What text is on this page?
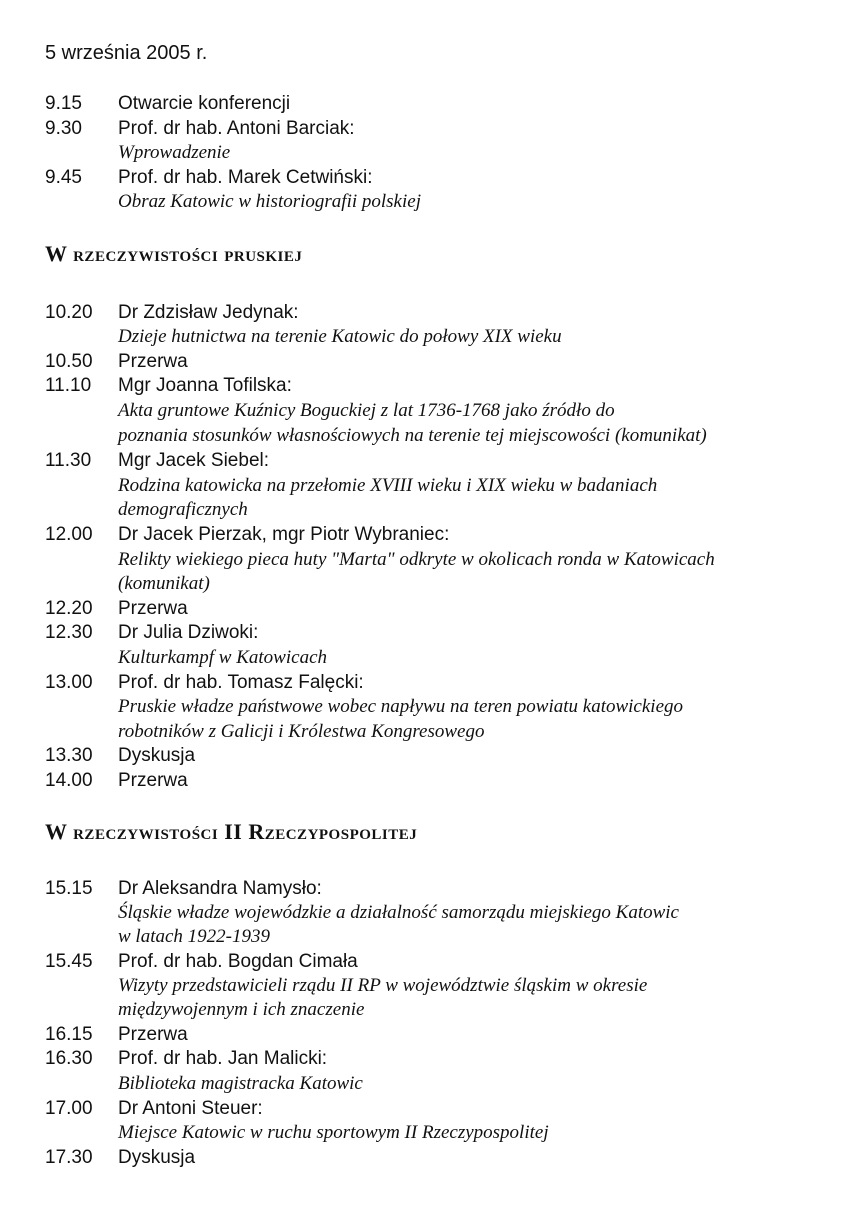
5 września 2005 r.
9.15 Otwarcie konferencji
9.30 Prof. dr hab. Antoni Barciak:
Wprowadzenie
9.45 Prof. dr hab. Marek Cetwiński:
Obraz Katowic w historiografii polskiej
W rzeczywistości pruskiej
10.20 Dr Zdzisław Jedynak:
Dzieje hutnictwa na terenie Katowic do połowy XIX wieku
10.50 Przerwa
11.10 Mgr Joanna Tofilska:
Akta gruntowe Kuźnicy Boguckiej z lat 1736-1768 jako źródło do
poznania stosunków własnościowych na terenie tej miejscowości (komunikat)
11.30 Mgr Jacek Siebel:
Rodzina katowicka na przełomie XVIII wieku i XIX wieku w badaniach
demograficznych
12.00 Dr Jacek Pierzak, mgr Piotr Wybraniec:
Relikty wiekiego pieca huty "Marta" odkryte w okolicach ronda w Katowicach
(komunikat)
12.20 Przerwa
12.30 Dr Julia Dziwoki:
Kulturkampf w Katowicach
13.00 Prof. dr hab. Tomasz Falęcki:
Pruskie władze państwowe wobec napływu na teren powiatu katowickiego
robotników z Galicji i Królestwa Kongresowego
13.30 Dyskusja
14.00 Przerwa
W rzeczywistości II Rzeczypospolitej
15.15 Dr Aleksandra Namysło:
Śląskie władze wojewódzkie a działalność samorządu miejskiego Katowic
w latach 1922-1939
15.45 Prof. dr hab. Bogdan Cimała
Wizyty przedstawicieli rządu II RP w województwie śląskim w okresie
międzywojennym i ich znaczenie
16.15 Przerwa
16.30 Prof. dr hab. Jan Malicki:
Biblioteka magistracka Katowic
17.00 Dr Antoni Steuer:
Miejsce Katowic w ruchu sportowym II Rzeczypospolitej
17.30 Dyskusja
